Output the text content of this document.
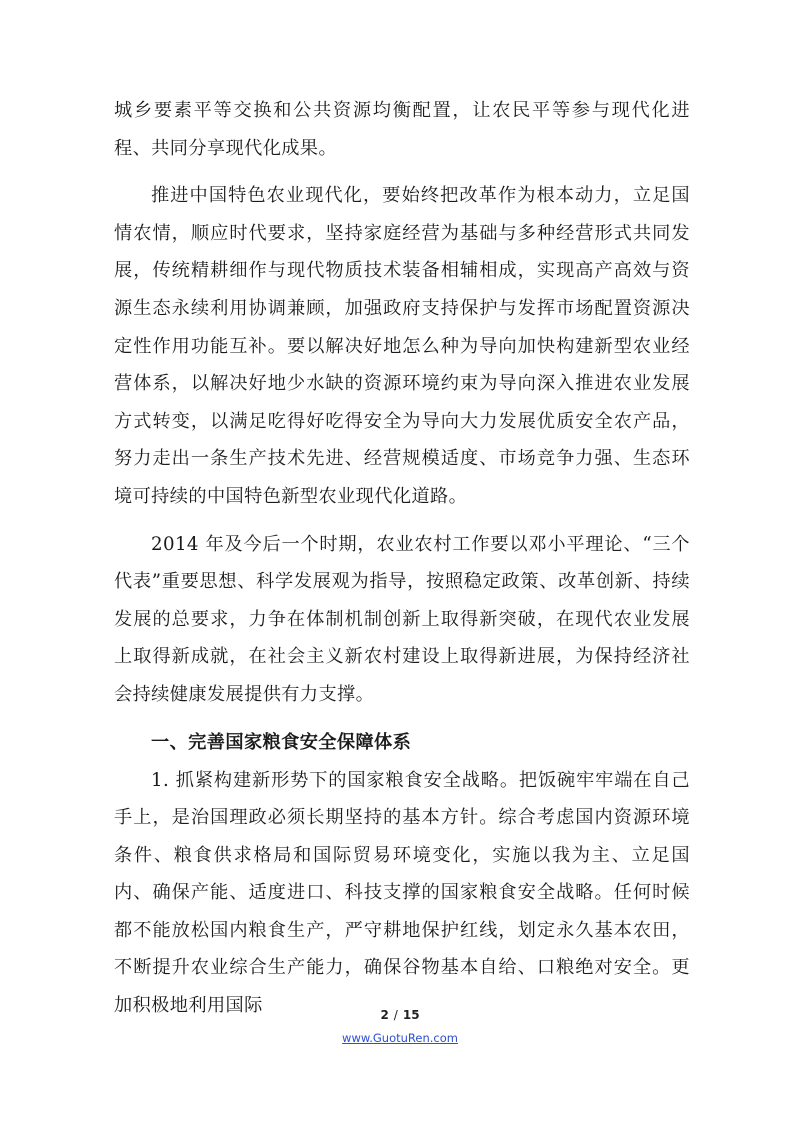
城乡要素平等交换和公共资源均衡配置，让农民平等参与现代化进程、共同分享现代化成果。

推进中国特色农业现代化，要始终把改革作为根本动力，立足国情农情，顺应时代要求，坚持家庭经营为基础与多种经营形式共同发展，传统精耕细作与现代物质技术装备相辅相成，实现高产高效与资源生态永续利用协调兼顾，加强政府支持保护与发挥市场配置资源决定性作用功能互补。要以解决好地怎么种为导向加快构建新型农业经营体系，以解决好地少水缺的资源环境约束为导向深入推进农业发展方式转变，以满足吃得好吃得安全为导向大力发展优质安全农产品，努力走出一条生产技术先进、经营规模适度、市场竞争力强、生态环境可持续的中国特色新型农业现代化道路。

2014 年及今后一个时期，农业农村工作要以邓小平理论、“三个代表”重要思想、科学发展观为指导，按照稳定政策、改革创新、持续发展的总要求，力争在体制机制创新上取得新突破，在现代农业发展上取得新成就，在社会主义新农村建设上取得新进展，为保持经济社会持续健康发展提供有力支撑。

一、完善国家粮食安全保障体系

1. 抓紧构建新形势下的国家粮食安全战略。把饭碗牢牢端在自己手上，是治国理政必须长期坚持的基本方针。综合考虑国内资源环境条件、粮食供求格局和国际贸易环境变化，实施以我为主、立足国内、确保产能、适度进口、科技支撑的国家粮食安全战略。任何时候都不能放松国内粮食生产，严守耕地保护红线，划定永久基本农田，不断提升农业综合生产能力，确保谷物基本自给、口粮绝对安全。更加积极地利用国际	2 / 15
www.GuotuRen.com
